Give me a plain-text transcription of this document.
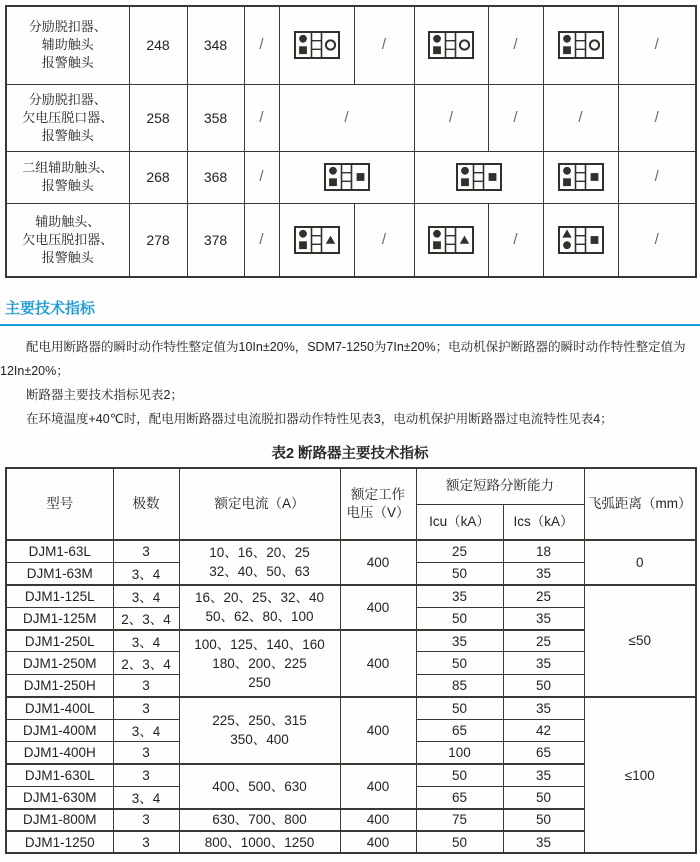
分励脱扣器、
辅助触头
报警触头	248	348	/		/		/		/

分励脱扣器、
欠电压脱口器、
报警触头	258	358	/	/		/	/	/	/

二组辅助触头、
报警触头	268	368	/						/

辅助触头、
欠电压脱扣器、
报警触头	278	378	/		/		/		/
主要技术指标
配电用断路器的瞬时动作特性整定值为10In±20%，SDM7-1250为7In±20%；电动机保护断路器的瞬时动作特性整定值为
12In±20%；
断路器主要技术指标见表2；
在环境温度+40℃时，配电用断路器过电流脱扣器动作特性见表3，电动机保护用断路器过电流特性见表4；
表2 断路器主要技术指标
型号	极数	额定电流（A）	额定工作
电压（V）	额定短路分断能力		飞弧距离（mm）
				Icu（kA）	Ics（kA）	
DJM1-63L	3	10、16、20、25
32、40、50、63	400	25	18	0
DJM1-63M	3、4			50	35	
DJM1-125L	3、4	16、20、25、32、40
50、62、80、100	400	35	25	≤50
DJM1-125M	2、3、4			50	35	
DJM1-250L	3、4	100、125、140、160
180、200、225
250	400	35	25	
DJM1-250M	2、3、4			50	35	
DJM1-250H	3			85	50	
DJM1-400L	3	225、250、315
350、400	400	50	35	≤100
DJM1-400M	3、4			65	42	
DJM1-400H	3			100	65	
DJM1-630L	3	400、500、630	400	50	35	
DJM1-630M	3、4			65	50	
DJM1-800M	3	630、700、800	400	75	50	
DJM1-1250	3	800、1000、1250	400	50	35	
